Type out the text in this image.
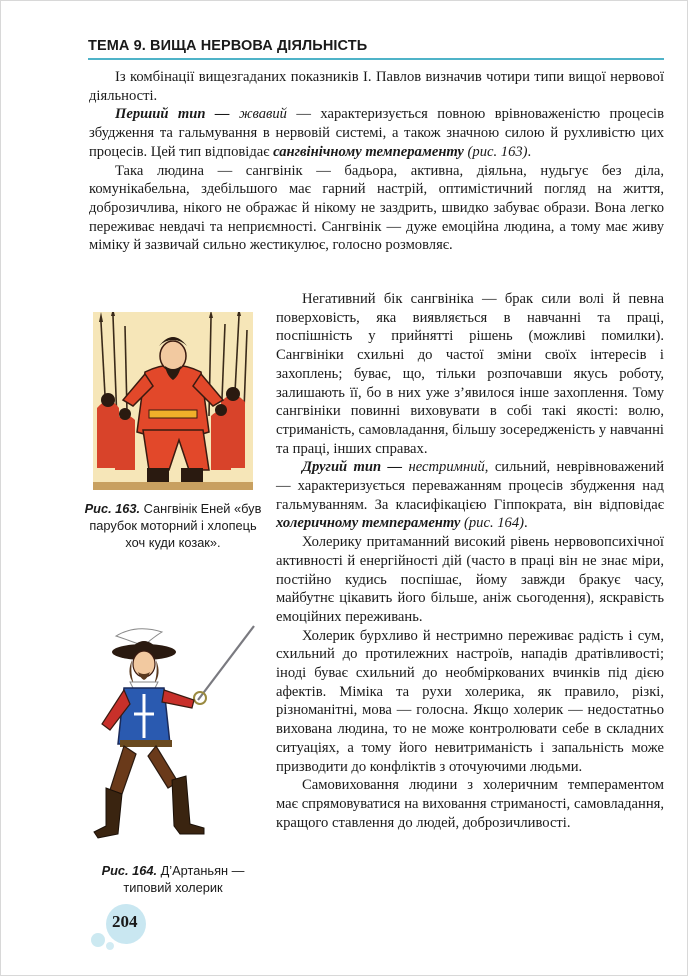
ТЕМА 9. ВИЩА НЕРВОВА ДІЯЛЬНІСТЬ

Із комбінації вищезгаданих показників І. Павлов визначив чотири типи вищої нервової діяльності.

Перший тип — жвавий — характеризується повною врівноваженістю процесів збудження та гальмування в нервовій системі, а також значною силою й рухливістю цих процесів. Цей тип відповідає сангвінічному темпераменту (рис. 163).

Така людина — сангвінік — бадьора, активна, діяльна, нудьгує без діла, комунікабельна, здебільшого має гарний настрій, оптимістичний погляд на життя, доброзичлива, нікого не ображає й нікому не заздрить, швидко забуває образи. Вона легко переживає невдачі та неприємності. Сангвінік — дуже емоційна людина, а тому має живу міміку й зазвичай сильно жестикулює, голосно розмовляє.

Негативний бік сангвініка — брак сили волі й певна поверховість, яка виявляється в навчанні та праці, поспішність у прийнятті рішень (можливі помилки). Сангвініки схильні до частої зміни своїх інтересів і захоплень; буває, що, тільки розпочавши якусь роботу, залишають її, бо в них уже з’явилося інше захоплення. Тому сангвініки повинні виховувати в собі такі якості: волю, стриманість, самовладання, більшу зосередженість у навчанні та праці, інших справах.

Другий тип — нестримний, сильний, неврівноважений — характеризується переважанням процесів збудження над гальмуванням. За класифікацією Гіппократа, він відповідає холеричному темпераменту (рис. 164).

Холерику притаманний високий рівень нервовопсихічної активності й енергійності дій (часто в праці він не знає міри, постійно кудись поспішає, йому завжди бракує часу, майбутнє цікавить його більше, аніж сьогодення), яскравість емоційних переживань.

Холерик бурхливо й нестримно переживає радість і сум, схильний до протилежних настроїв, нападів дратівливості; іноді буває схильний до необміркованих вчинків під дією афектів. Міміка та рухи холерика, як правило, різкі, різноманітні, мова — голосна. Якщо холерик — недостатньо вихована людина, то не може контролювати себе в складних ситуаціях, а тому його невитриманість і запальність може призводити до конфліктів з оточуючими людьми.

Самовиховання людини з холеричним темпераментом має спрямовуватися на виховання стриманості, самовладання, кращого ставлення до людей, доброзичливості.

Рис. 163. Сангвінік Еней «був парубок моторний і хлопець хоч куди козак».
Рис. 164. Д’Артаньян — типовий холерик
204
